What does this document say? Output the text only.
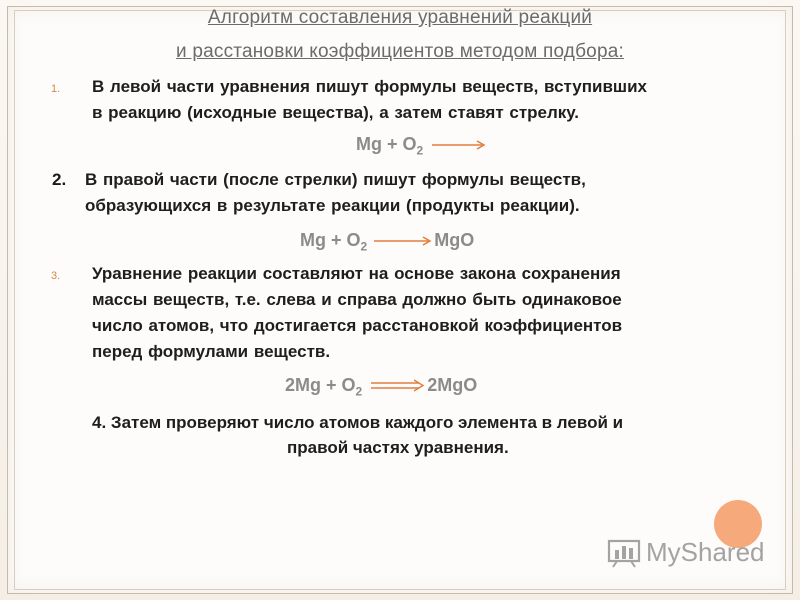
Алгоритм составления уравнений реакций
и расстановки коэффициентов методом подбора:
1. В левой части уравнения пишут формулы веществ, вступивших
в реакцию (исходные вещества), а затем ставят стрелку.
$Mg + O_2$ →
2. В правой части (после стрелки) пишут формулы веществ,
образующихся в результате реакции (продукты реакции).
$Mg + O_2 \to MgO$
3. Уравнение реакции составляют на основе закона сохранения
массы веществ, т.е. слева и справа должно быть одинаковое
число атомов, что достигается расстановкой коэффициентов
перед формулами веществ.
$2Mg + O_2$	2MgO
4. Затем проверяют число атомов каждого элемента в левой и
правой частях уравнения.
MyShared
